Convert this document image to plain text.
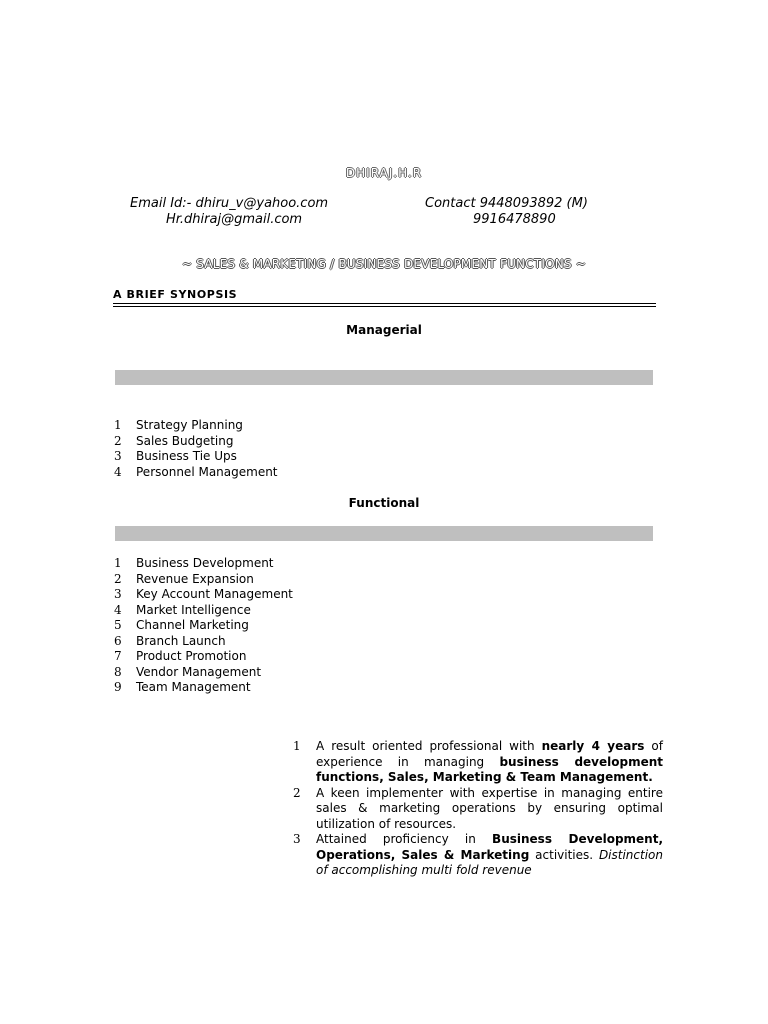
DHIRAJ.H.R
Email Id:- dhiru_v@yahoo.com
Hr.dhiraj@gmail.com
Contact 9448093892 (M)
9916478890
~ SALES & MARKETING / BUSINESS DEVELOPMENT FUNCTIONS ~
A BRIEF SYNOPSIS
Managerial
1 Strategy Planning
2 Sales Budgeting
3 Business Tie Ups
4 Personnel Management
Functional
1 Business Development
2 Revenue Expansion
3 Key Account Management
4 Market Intelligence
5 Channel Marketing
6 Branch Launch
7 Product Promotion
8 Vendor Management
9 Team Management
1 A result oriented professional with nearly 4 years of experience in managing business development functions, Sales, Marketing & Team Management.
2 A keen implementer with expertise in managing entire sales & marketing operations by ensuring optimal utilization of resources.
3 Attained proficiency in Business Development, Operations, Sales & Marketing activities. Distinction of accomplishing multi fold revenue
